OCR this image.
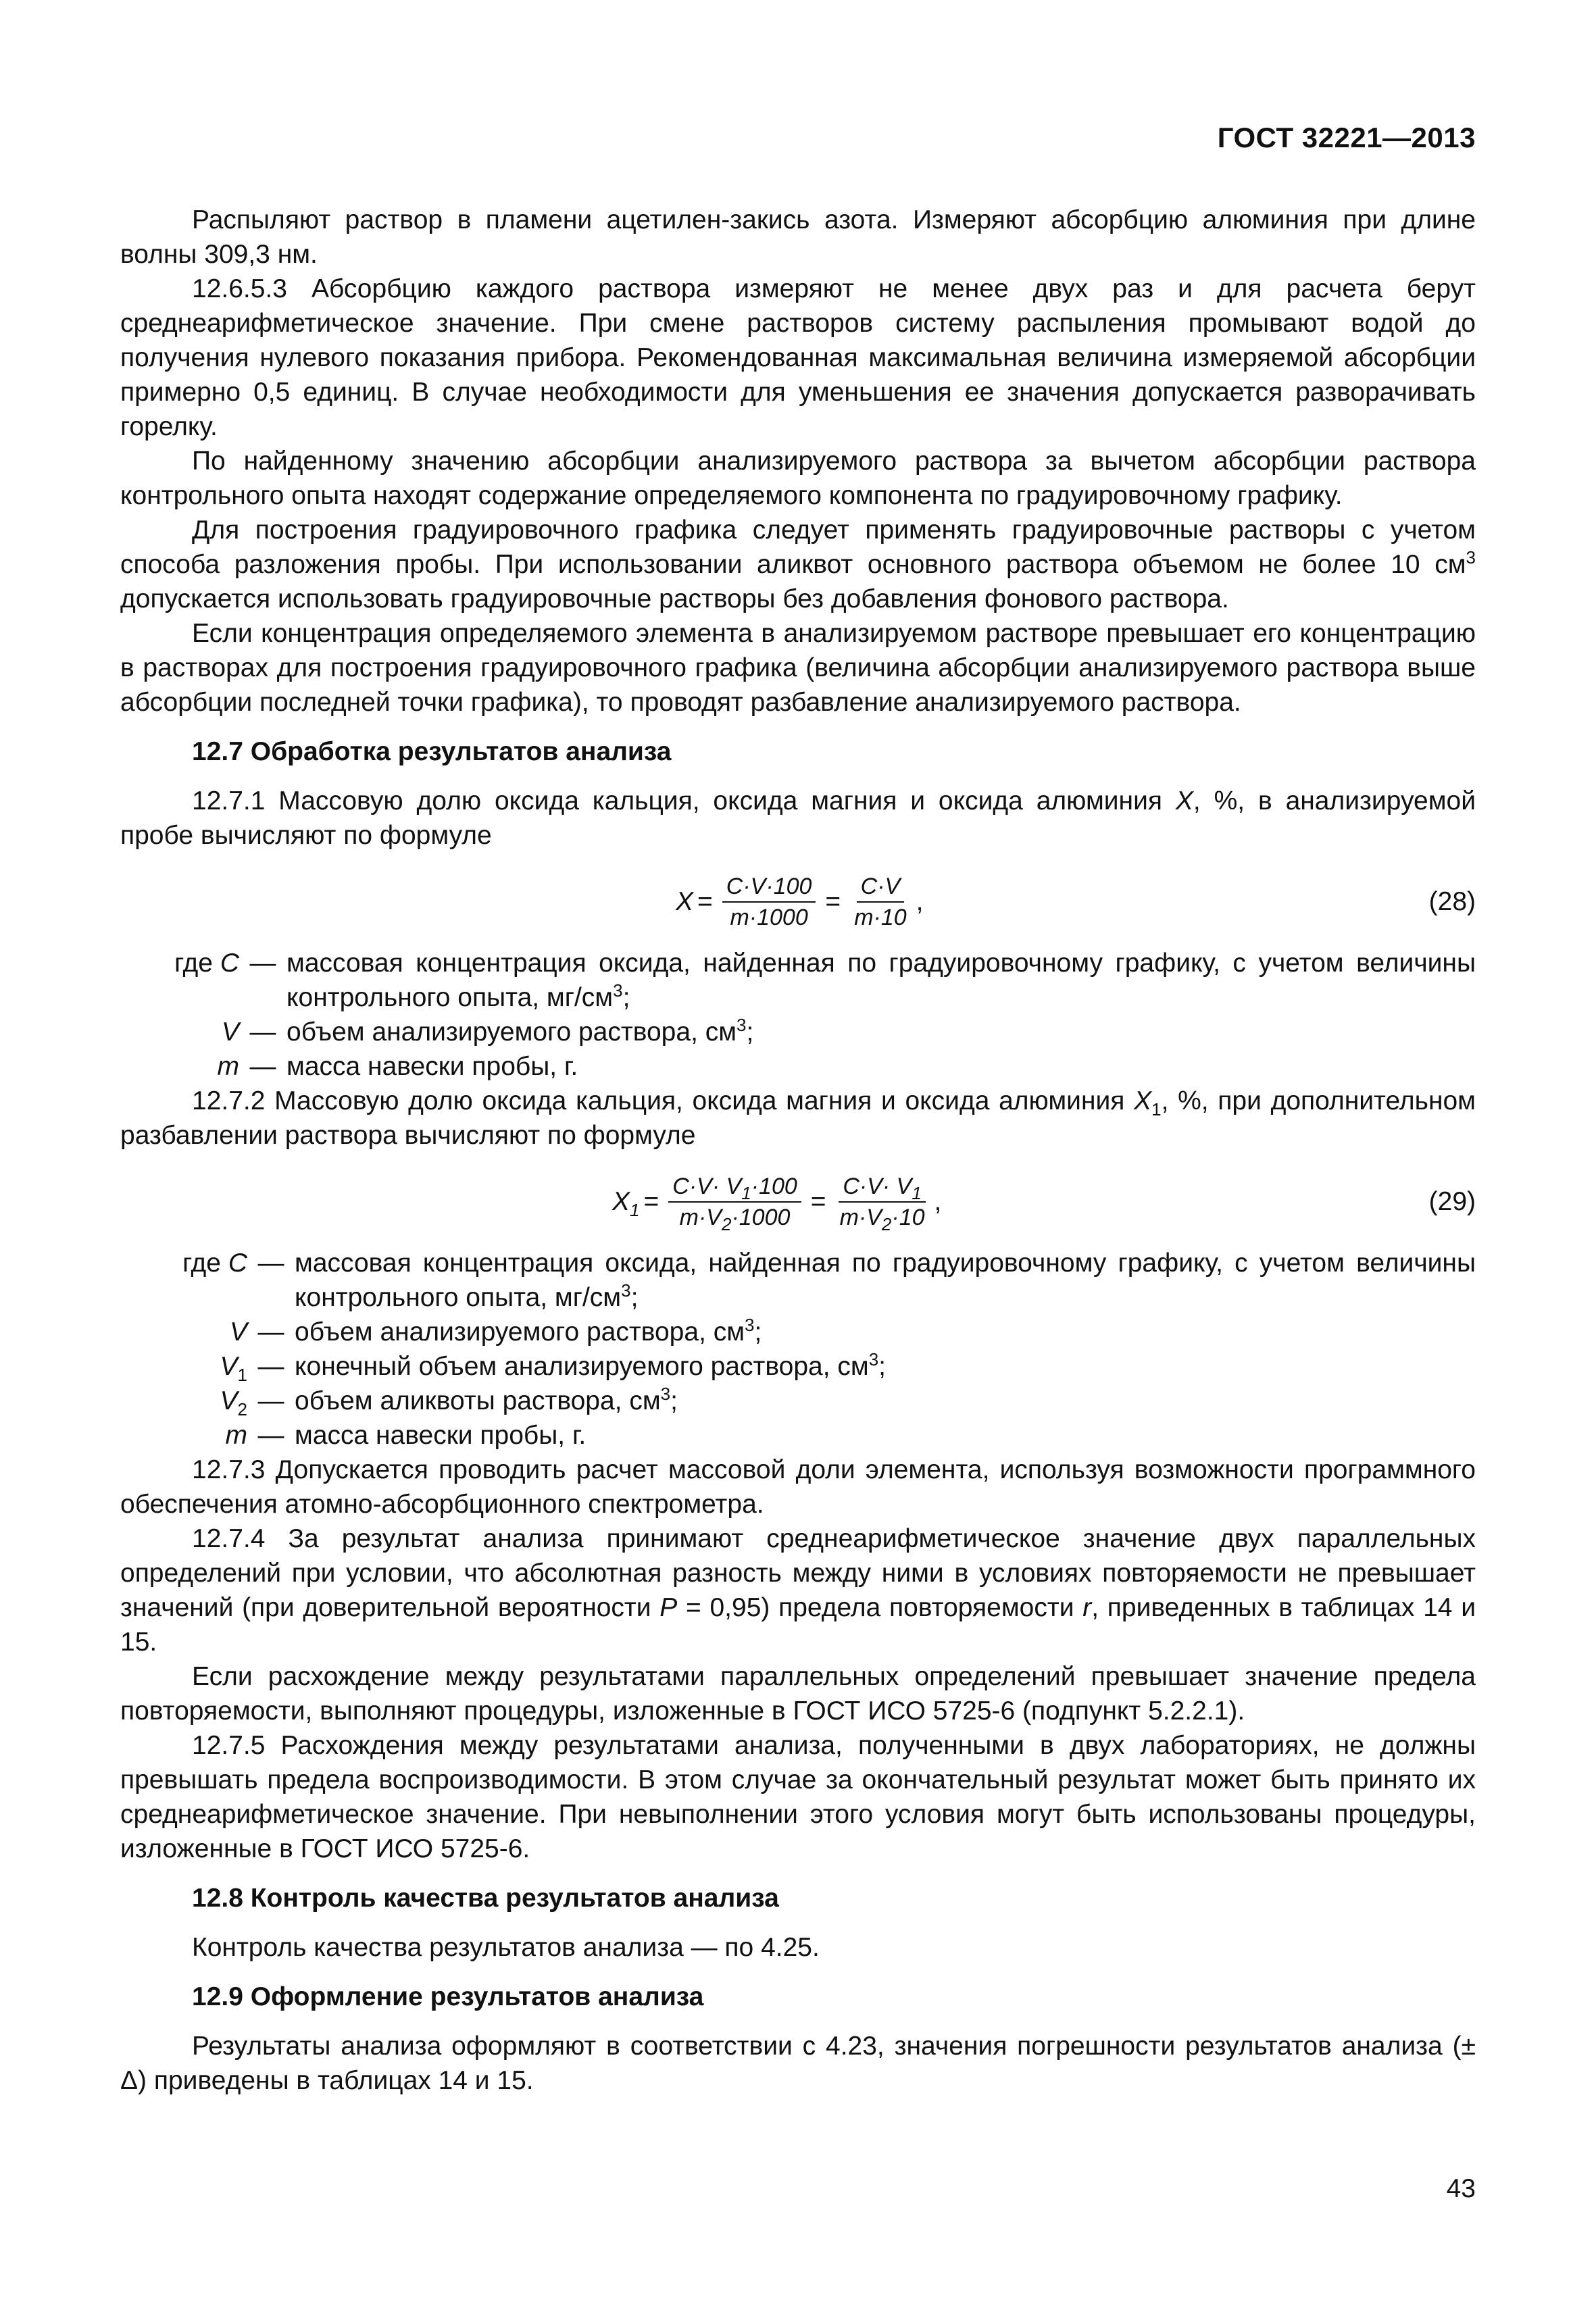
ГОСТ 32221—2013

Распыляют раствор в пламени ацетилен-закись азота. Измеряют абсорбцию алюминия при длине волны 309,3 нм.

12.6.5.3 Абсорбцию каждого раствора измеряют не менее двух раз и для расчета берут среднеарифметическое значение. При смене растворов систему распыления промывают водой до получения нулевого показания прибора. Рекомендованная максимальная величина измеряемой абсорбции примерно 0,5 единиц. В случае необходимости для уменьшения ее значения допускается разворачивать горелку.

По найденному значению абсорбции анализируемого раствора за вычетом абсорбции раствора контрольного опыта находят содержание определяемого компонента по градуировочному графику.

Для построения градуировочного графика следует применять градуировочные растворы с учетом способа разложения пробы. При использовании аликвот основного раствора объемом не более 10 $см^3$ допускается использовать градуировочные растворы без добавления фонового раствора.

Если концентрация определяемого элемента в анализируемом растворе превышает его концентрацию в растворах для построения градуировочного графика (величина абсорбции анализируемого раствора выше абсорбции последней точки графика), то проводят разбавление анализируемого раствора.

12.7 Обработка результатов анализа

12.7.1 Массовую долю оксида кальция, оксида магния и оксида алюминия X, %, в анализируемой пробе вычисляют по формуле

$X = \frac{C\cdot V\cdot 100}{m\cdot 1000} = \frac{C\cdot V}{m\cdot 10}$ ,	(28)
где C — массовая концентрация оксида, найденная по градуировочному графику, с учетом величины контрольного опыта, $мг/см^3$;
V — объем анализируемого раствора, $см^3$;
m — масса навески пробы, г.

12.7.2 Массовую долю оксида кальция, оксида магния и оксида алюминия $X_1$, %, при дополнительном разбавлении раствора вычисляют по формуле

$X_1 = \frac{C\cdot V\cdot V_1\cdot 100}{m\cdot V_2\cdot 1000} = \frac{C\cdot V\cdot V_1}{m\cdot V_2\cdot 10}$ ,	(29)
где C — массовая концентрация оксида, найденная по градуировочному графику, с учетом величины контрольного опыта, $мг/см^3$;
V — объем анализируемого раствора, $см^3$;
$V_1$ — конечный объем анализируемого раствора, $см^3$;
$V_2$ — объем аликвоты раствора, $см^3$;
m — масса навески пробы, г.

12.7.3 Допускается проводить расчет массовой доли элемента, используя возможности программного обеспечения атомно-абсорбционного спектрометра.

12.7.4 За результат анализа принимают среднеарифметическое значение двух параллельных определений при условии, что абсолютная разность между ними в условиях повторяемости не превышает значений (при доверительной вероятности P = 0,95) предела повторяемости r, приведенных в таблицах 14 и 15.

Если расхождение между результатами параллельных определений превышает значение предела повторяемости, выполняют процедуры, изложенные в ГОСТ ИСО 5725-6 (подпункт 5.2.2.1).

12.7.5 Расхождения между результатами анализа, полученными в двух лабораториях, не должны превышать предела воспроизводимости. В этом случае за окончательный результат может быть принято их среднеарифметическое значение. При невыполнении этого условия могут быть использованы процедуры, изложенные в ГОСТ ИСО 5725-6.

12.8 Контроль качества результатов анализа

Контроль качества результатов анализа — по 4.25.

12.9 Оформление результатов анализа

Результаты анализа оформляют в соответствии с 4.23, значения погрешности результатов анализа (± Δ) приведены в таблицах 14 и 15.

43
